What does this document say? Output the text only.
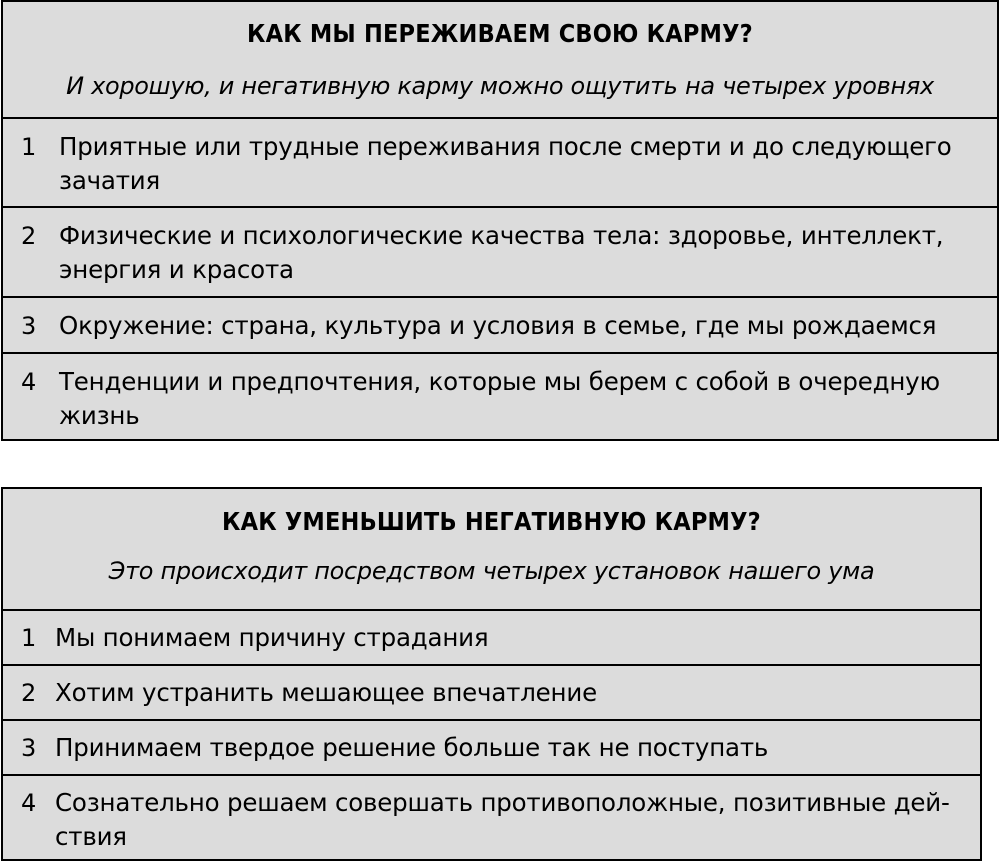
КАК МЫ ПЕРЕЖИВАЕМ СВОЮ КАРМУ?
И хорошую, и негативную карму можно ощутить на четырех уровнях
1 Приятные или трудные переживания после смерти и до следующего зачатия
2 Физические и психологические качества тела: здоровье, интеллект, энергия и красота
3 Окружение: страна, культура и условия в семье, где мы рождаемся
4 Тенденции и предпочтения, которые мы берем с собой в очередную жизнь
КАК УМЕНЬШИТЬ НЕГАТИВНУЮ КАРМУ?
Это происходит посредством четырех установок нашего ума
1 Мы понимаем причину страдания
2 Хотим устранить мешающее впечатление
3 Принимаем твердое решение больше так не поступать
4 Сознательно решаем совершать противоположные, позитивные действия
